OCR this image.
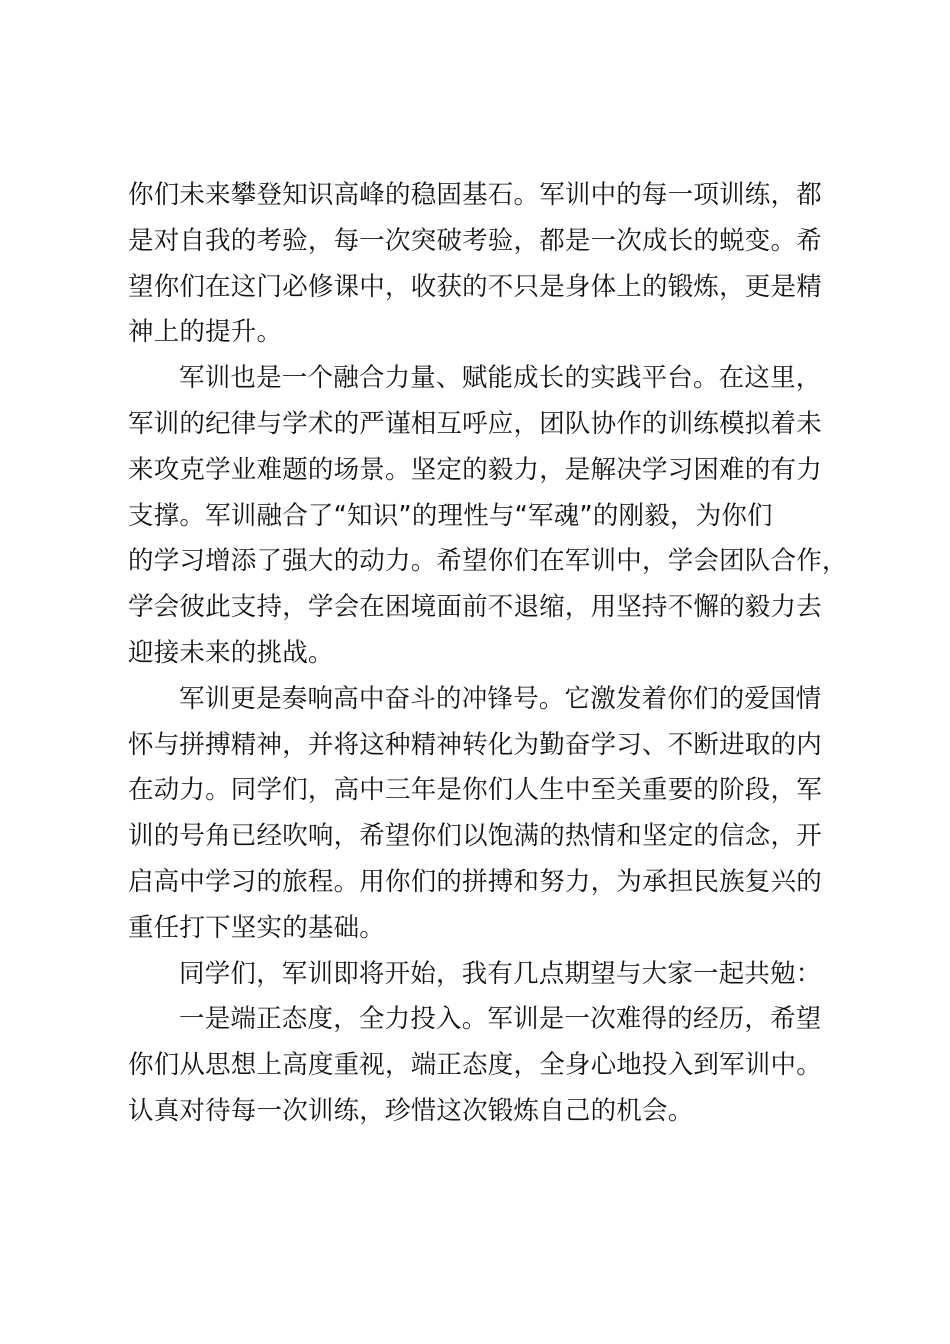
你们未来攀登知识高峰的稳固基石。军训中的每一项训练，都
是对自我的考验，每一次突破考验，都是一次成长的蜕变。希
望你们在这门必修课中，收获的不只是身体上的锻炼，更是精
神上的提升。
军训也是一个融合力量、赋能成长的实践平台。在这里，
军训的纪律与学术的严谨相互呼应，团队协作的训练模拟着未
来攻克学业难题的场景。坚定的毅力，是解决学习困难的有力
支撑。军训融合了“知识”的理性与“军魂”的刚毅，为你们
的学习增添了强大的动力。希望你们在军训中，学会团队合作，
学会彼此支持，学会在困境面前不退缩，用坚持不懈的毅力去
迎接未来的挑战。
军训更是奏响高中奋斗的冲锋号。它激发着你们的爱国情
怀与拼搏精神，并将这种精神转化为勤奋学习、不断进取的内
在动力。同学们，高中三年是你们人生中至关重要的阶段，军
训的号角已经吹响，希望你们以饱满的热情和坚定的信念，开
启高中学习的旅程。用你们的拼搏和努力，为承担民族复兴的
重任打下坚实的基础。
同学们，军训即将开始，我有几点期望与大家一起共勉：
一是端正态度，全力投入。军训是一次难得的经历，希望
你们从思想上高度重视，端正态度，全身心地投入到军训中。
认真对待每一次训练，珍惜这次锻炼自己的机会。
